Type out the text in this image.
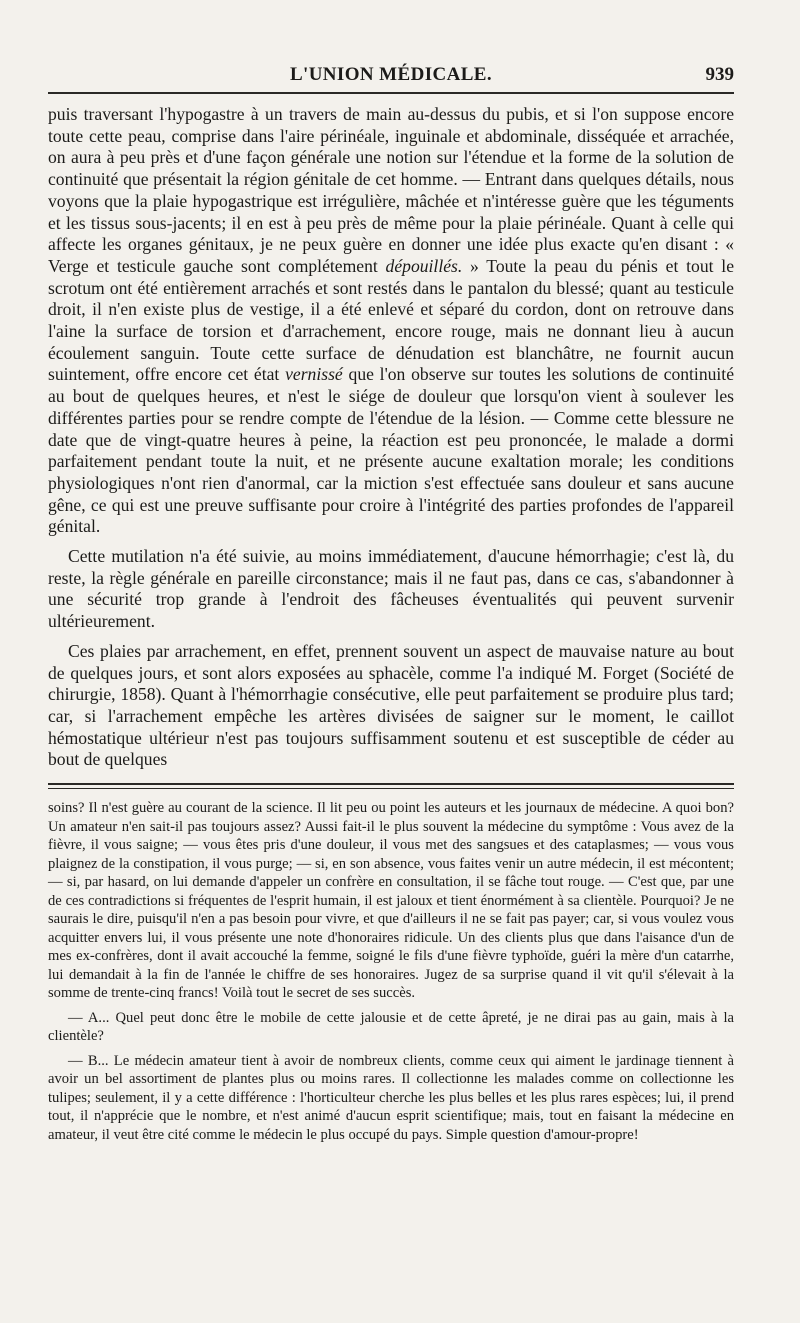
L'UNION MÉDICALE.	939

puis traversant l'hypogastre à un travers de main au-dessus du pubis, et si l'on suppose encore toute cette peau, comprise dans l'aire périnéale, inguinale et abdominale, disséquée et arrachée, on aura à peu près et d'une façon générale une notion sur l'étendue et la forme de la solution de continuité que présentait la région génitale de cet homme. — Entrant dans quelques détails, nous voyons que la plaie hypogastrique est irrégulière, mâchée et n'intéresse guère que les téguments et les tissus sous-jacents; il en est à peu près de même pour la plaie périnéale. Quant à celle qui affecte les organes génitaux, je ne peux guère en donner une idée plus exacte qu'en disant : « Verge et testicule gauche sont complétement dépouillés. » Toute la peau du pénis et tout le scrotum ont été entièrement arrachés et sont restés dans le pantalon du blessé; quant au testicule droit, il n'en existe plus de vestige, il a été enlevé et séparé du cordon, dont on retrouve dans l'aine la surface de torsion et d'arrachement, encore rouge, mais ne donnant lieu à aucun écoulement sanguin. Toute cette surface de dénudation est blanchâtre, ne fournit aucun suintement, offre encore cet état vernissé que l'on observe sur toutes les solutions de continuité au bout de quelques heures, et n'est le siége de douleur que lorsqu'on vient à soulever les différentes parties pour se rendre compte de l'étendue de la lésion. — Comme cette blessure ne date que de vingt-quatre heures à peine, la réaction est peu prononcée, le malade a dormi parfaitement pendant toute la nuit, et ne présente aucune exaltation morale; les conditions physiologiques n'ont rien d'anormal, car la miction s'est effectuée sans douleur et sans aucune gêne, ce qui est une preuve suffisante pour croire à l'intégrité des parties profondes de l'appareil génital.

Cette mutilation n'a été suivie, au moins immédiatement, d'aucune hémorrhagie; c'est là, du reste, la règle générale en pareille circonstance; mais il ne faut pas, dans ce cas, s'abandonner à une sécurité trop grande à l'endroit des fâcheuses éventualités qui peuvent survenir ultérieurement.

Ces plaies par arrachement, en effet, prennent souvent un aspect de mauvaise nature au bout de quelques jours, et sont alors exposées au sphacèle, comme l'a indiqué M. Forget (Société de chirurgie, 1858). Quant à l'hémorrhagie consécutive, elle peut parfaitement se produire plus tard; car, si l'arrachement empêche les artères divisées de saigner sur le moment, le caillot hémostatique ultérieur n'est pas toujours suffisamment soutenu et est susceptible de céder au bout de quelques

soins? Il n'est guère au courant de la science. Il lit peu ou point les auteurs et les journaux de médecine. A quoi bon? Un amateur n'en sait-il pas toujours assez? Aussi fait-il le plus souvent la médecine du symptôme : Vous avez de la fièvre, il vous saigne; — vous êtes pris d'une douleur, il vous met des sangsues et des cataplasmes; — vous vous plaignez de la constipation, il vous purge; — si, en son absence, vous faites venir un autre médecin, il est mécontent; — si, par hasard, on lui demande d'appeler un confrère en consultation, il se fâche tout rouge. — C'est que, par une de ces contradictions si fréquentes de l'esprit humain, il est jaloux et tient énormément à sa clientèle. Pourquoi? Je ne saurais le dire, puisqu'il n'en a pas besoin pour vivre, et que d'ailleurs il ne se fait pas payer; car, si vous voulez vous acquitter envers lui, il vous présente une note d'honoraires ridicule. Un des clients plus que dans l'aisance d'un de mes ex-confrères, dont il avait accouché la femme, soigné le fils d'une fièvre typhoïde, guéri la mère d'un catarrhe, lui demandait à la fin de l'année le chiffre de ses honoraires. Jugez de sa surprise quand il vit qu'il s'élevait à la somme de trente-cinq francs! Voilà tout le secret de ses succès.

— A... Quel peut donc être le mobile de cette jalousie et de cette âpreté, je ne dirai pas au gain, mais à la clientèle?

— B... Le médecin amateur tient à avoir de nombreux clients, comme ceux qui aiment le jardinage tiennent à avoir un bel assortiment de plantes plus ou moins rares. Il collectionne les malades comme on collectionne les tulipes; seulement, il y a cette différence : l'horticulteur cherche les plus belles et les plus rares espèces; lui, il prend tout, il n'apprécie que le nombre, et n'est animé d'aucun esprit scientifique; mais, tout en faisant la médecine en amateur, il veut être cité comme le médecin le plus occupé du pays. Simple question d'amour-propre!
